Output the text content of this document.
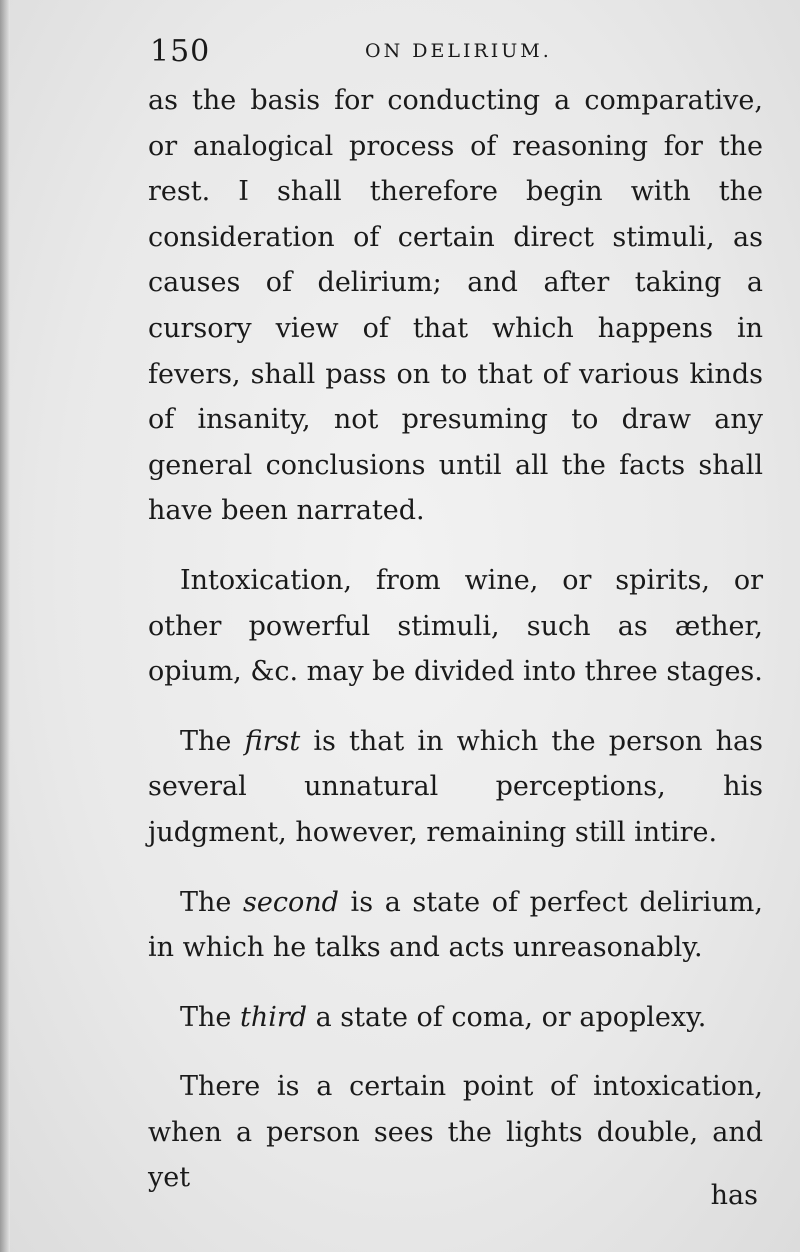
150	ON DELIRIUM.

as the basis for conducting a comparative, or analogical process of reasoning for the rest. I shall therefore begin with the consideration of certain direct stimuli, as causes of delirium; and after taking a cursory view of that which happens in fevers, shall pass on to that of various kinds of insanity, not presuming to draw any general conclusions until all the facts shall have been narrated.

Intoxication, from wine, or spirits, or other powerful stimuli, such as æther, opium, &c. may be divided into three stages.

The first is that in which the person has several unnatural perceptions, his judgment, however, remaining still intire.

The second is a state of perfect delirium, in which he talks and acts unreasonably.

The third a state of coma, or apoplexy.

There is a certain point of intoxication, when a person sees the lights double, and yet

has
